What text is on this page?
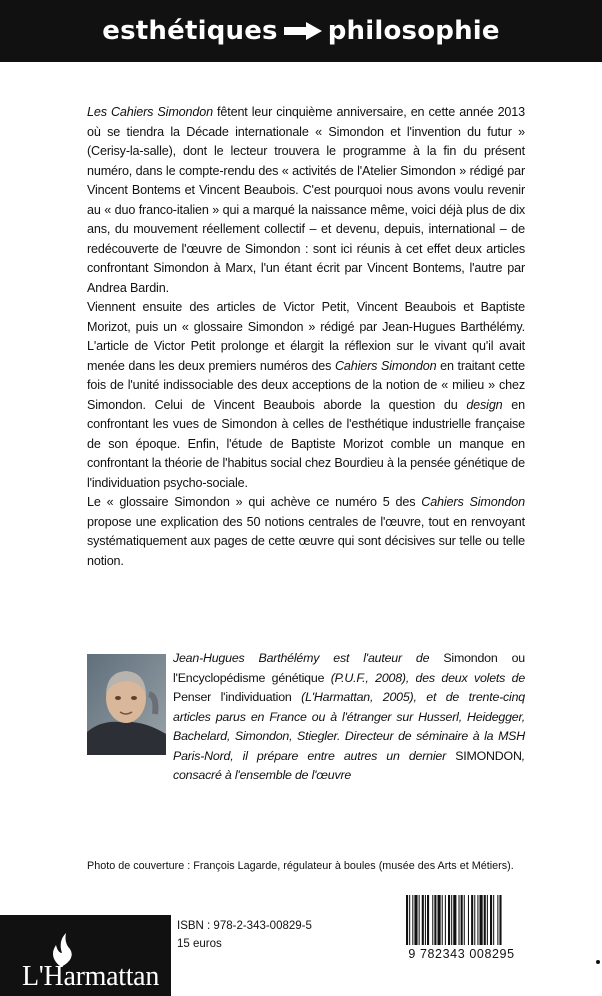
esthétiques philosophie

Les Cahiers Simondon fêtent leur cinquième anniversaire, en cette année 2013 où se tiendra la Décade internationale « Simondon et l'invention du futur » (Cerisy-la-salle), dont le lecteur trouvera le programme à la fin du présent numéro, dans le compte-rendu des « activités de l'Atelier Simondon » rédigé par Vincent Bontems et Vincent Beaubois. C'est pourquoi nous avons voulu revenir au « duo franco-italien » qui a marqué la naissance même, voici déjà plus de dix ans, du mouvement réellement collectif – et devenu, depuis, international – de redécouverte de l'œuvre de Simondon : sont ici réunis à cet effet deux articles confrontant Simondon à Marx, l'un étant écrit par Vincent Bontems, l'autre par Andrea Bardin.

Viennent ensuite des articles de Victor Petit, Vincent Beaubois et Baptiste Morizot, puis un « glossaire Simondon » rédigé par Jean-Hugues Barthélémy. L'article de Victor Petit prolonge et élargit la réflexion sur le vivant qu'il avait menée dans les deux premiers numéros des Cahiers Simondon en traitant cette fois de l'unité indissociable des deux acceptions de la notion de « milieu » chez Simondon. Celui de Vincent Beaubois aborde la question du design en confrontant les vues de Simondon à celles de l'esthétique industrielle française de son époque. Enfin, l'étude de Baptiste Morizot comble un manque en confrontant la théorie de l'habitus social chez Bourdieu à la pensée génétique de l'individuation psycho-sociale.

Le « glossaire Simondon » qui achève ce numéro 5 des Cahiers Simondon propose une explication des 50 notions centrales de l'œuvre, tout en renvoyant systématiquement aux pages de cette œuvre qui sont décisives sur telle ou telle notion.

Jean-Hugues Barthélémy est l'auteur de Simondon ou l'Encyclopédisme génétique (P.U.F., 2008), des deux volets de Penser l'individuation (L'Harmattan, 2005), et de trente-cinq articles parus en France ou à l'étranger sur Husserl, Heidegger, Bachelard, Simondon, Stiegler. Directeur de séminaire à la MSH Paris-Nord, il prépare entre autres un dernier SIMONDON, consacré à l'ensemble de l'œuvre
Photo de couverture : François Lagarde, régulateur à boules (musée des Arts et Métiers).
L'Harmattan
ISBN : 978-2-343-00829-5
15 euros
9 782343 008295
